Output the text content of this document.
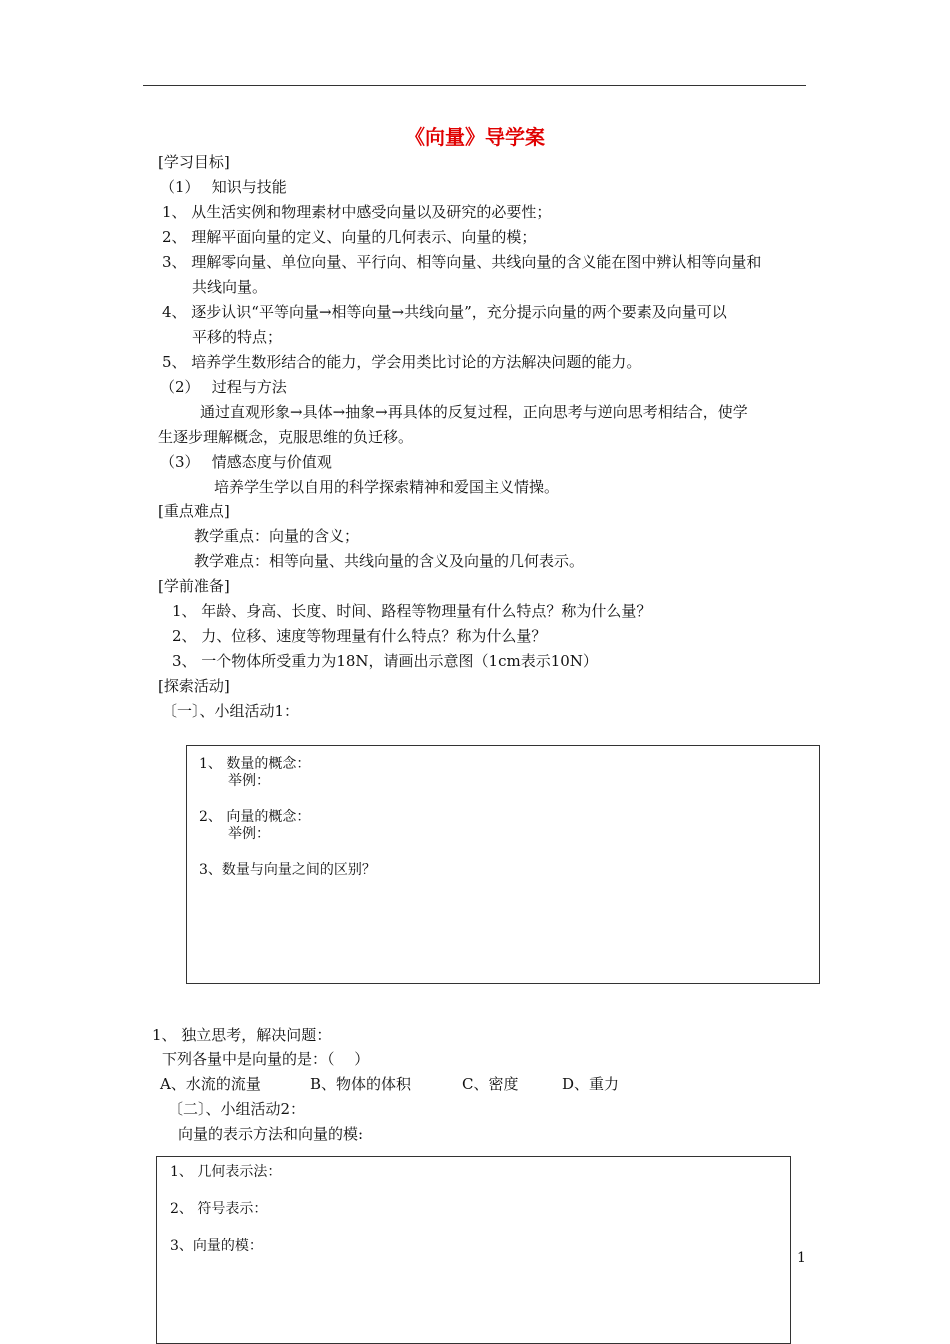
《向量》导学案
[学习目标]
（1）　 知识与技能
1、 从生活实例和物理素材中感受向量以及研究的必要性；
2、 理解平面向量的定义、向量的几何表示、向量的模；
3、 理解零向量、单位向量、平行向、相等向量、共线向量的含义能在图中辨认相等向量和
共线向量。
4、 逐步认识“平等向量→相等向量→共线向量”，充分提示向量的两个要素及向量可以
平移的特点；
5、 培养学生数形结合的能力，学会用类比讨论的方法解决问题的能力。
（2）　 过程与方法
通过直观形象→具体→抽象→再具体的反复过程，正向思考与逆向思考相结合，使学
生逐步理解概念，克服思维的负迁移。
（3）　 情感态度与价值观
培养学生学以自用的科学探索精神和爱国主义情操。
[重点难点]
教学重点：向量的含义；
教学难点：相等向量、共线向量的含义及向量的几何表示。
[学前准备]
1、 年龄、身高、长度、时间、路程等物理量有什么特点？称为什么量？
2、 力、位移、速度等物理量有什么特点？称为什么量？
3、 一个物体所受重力为18N，请画出示意图（1cm表示10N）
[探索活动]
〔一〕、小组活动1：
1、 数量的概念：
举例：
2、 向量的概念：
举例：
3、数量与向量之间的区别？
1、 独立思考，解决问题：
下列各量中是向量的是：（　 ）
A、水流的流量	B、物体的体积	C、密度	D、重力
〔二〕、小组活动2：
向量的表示方法和向量的模:
1、 几何表示法：
2、 符号表示：
3、向量的模：
1
